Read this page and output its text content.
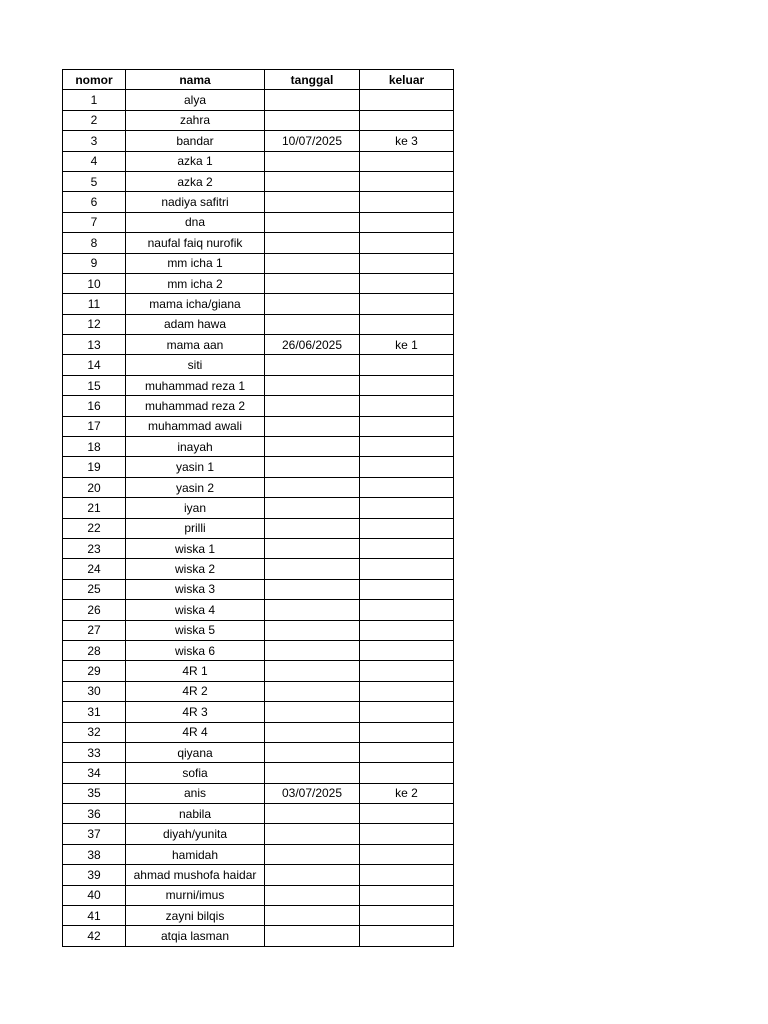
nomor	nama	tanggal	keluar
1	alya		
2	zahra		
3	bandar	10/07/2025	ke 3
4	azka 1		
5	azka 2		
6	nadiya safitri		
7	dna		
8	naufal faiq nurofik		
9	mm icha 1		
10	mm icha 2		
11	mama icha/giana		
12	adam hawa		
13	mama aan	26/06/2025	ke 1
14	siti		
15	muhammad reza 1		
16	muhammad reza 2		
17	muhammad awali		
18	inayah		
19	yasin 1		
20	yasin 2		
21	iyan		
22	prilli		
23	wiska 1		
24	wiska 2		
25	wiska 3		
26	wiska 4		
27	wiska 5		
28	wiska 6		
29	4R 1		
30	4R 2		
31	4R 3		
32	4R 4		
33	qiyana		
34	sofia		
35	anis	03/07/2025	ke 2
36	nabila		
37	diyah/yunita		
38	hamidah		
39	ahmad mushofa haidar		
40	murni/imus		
41	zayni bilqis		
42	atqia lasman		
